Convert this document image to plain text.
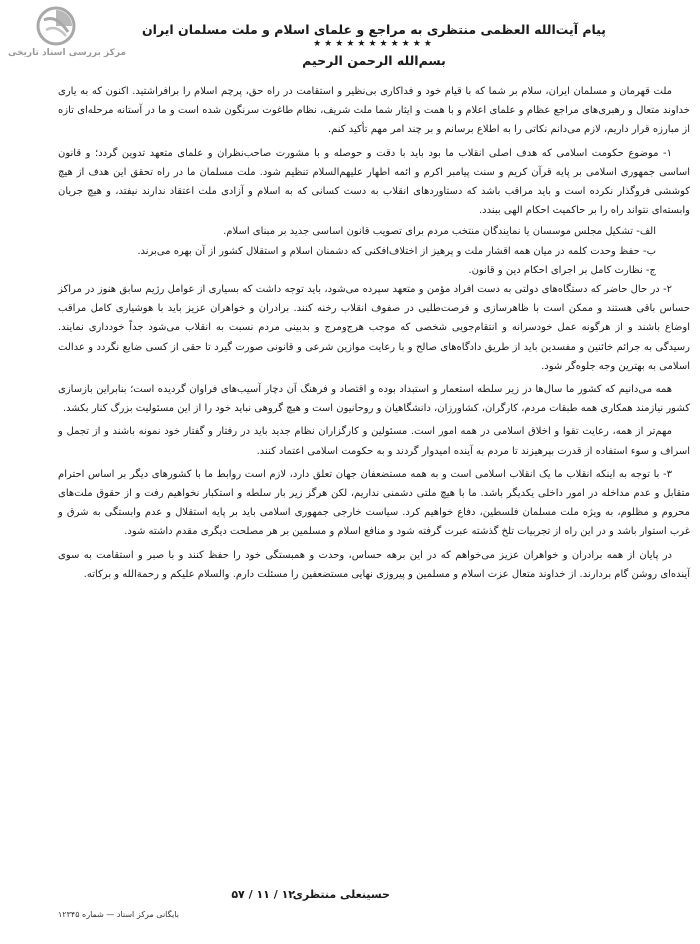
مرکز بررسی اسناد تاریخی
پیام آیت‌الله العظمی منتظری به مراجع و علمای اسلام و ملت مسلمان ایران
★★★★★★★★★★★
بسم‌الله الرحمن الرحیم

ملت قهرمان و مسلمان ایران، سلام بر شما که با قیام خود و فداکاری بی‌نظیر و استقامت در راه حق، پرچم اسلام را برافراشتید. اکنون که به یاری خداوند متعال و رهبری‌های مراجع عظام و علمای اعلام و با همت و ایثار شما ملت شریف، نظام طاغوت سرنگون شده است و ما در آستانه مرحله‌ای تازه از مبارزه قرار داریم، لازم می‌دانم نکاتی را به اطلاع برسانم و بر چند امر مهم تأکید کنم.

۱- موضوع حکومت اسلامی که هدف اصلی انقلاب ما بود باید با دقت و حوصله و با مشورت صاحب‌نظران و علمای متعهد تدوین گردد؛ و قانون اساسی جمهوری اسلامی بر پایه قرآن کریم و سنت پیامبر اکرم و ائمه اطهار علیهم‌السلام تنظیم شود. ملت مسلمان ما در راه تحقق این هدف از هیچ کوششی فروگذار نکرده است و باید مراقب باشد که دستاوردهای انقلاب به دست کسانی که به اسلام و آزادی ملت اعتقاد ندارند نیفتد، و هیچ جریان وابسته‌ای نتواند راه را بر حاکمیت احکام الهی ببندد.

الف- تشکیل مجلس موسسان یا نمایندگان منتخب مردم برای تصویب قانون اساسی جدید بر مبنای اسلام.
ب- حفظ وحدت کلمه در میان همه اقشار ملت و پرهیز از اختلاف‌افکنی که دشمنان اسلام و استقلال کشور از آن بهره می‌برند.
ج- نظارت کامل بر اجرای احکام دین و قانون.

۲- در حال حاضر که دستگاه‌های دولتی به دست افراد مؤمن و متعهد سپرده می‌شود، باید توجه داشت که بسیاری از عوامل رژیم سابق هنوز در مراکز حساس باقی هستند و ممکن است با ظاهرسازی و فرصت‌طلبی در صفوف انقلاب رخنه کنند. برادران و خواهران عزیز باید با هوشیاری کامل مراقب اوضاع باشند و از هرگونه عمل خودسرانه و انتقام‌جویی شخصی که موجب هرج‌ومرج و بدبینی مردم نسبت به انقلاب می‌شود جداً خودداری نمایند. رسیدگی به جرائم خائنین و مفسدین باید از طریق دادگاه‌های صالح و با رعایت موازین شرعی و قانونی صورت گیرد تا حقی از کسی ضایع نگردد و عدالت اسلامی به بهترین وجه جلوه‌گر شود.

همه می‌دانیم که کشور ما سال‌ها در زیر سلطه استعمار و استبداد بوده و اقتصاد و فرهنگ آن دچار آسیب‌های فراوان گردیده است؛ بنابراین بازسازی کشور نیازمند همکاری همه طبقات مردم، کارگران، کشاورزان، دانشگاهیان و روحانیون است و هیچ گروهی نباید خود را از این مسئولیت بزرگ کنار بکشد.

مهم‌تر از همه، رعایت تقوا و اخلاق اسلامی در همه امور است. مسئولین و کارگزاران نظام جدید باید در رفتار و گفتار خود نمونه باشند و از تجمل و اسراف و سوء استفاده از قدرت بپرهیزند تا مردم به آینده امیدوار گردند و به حکومت اسلامی اعتماد کنند.

۳- با توجه به اینکه انقلاب ما یک انقلاب اسلامی است و به همه مستضعفان جهان تعلق دارد، لازم است روابط ما با کشورهای دیگر بر اساس احترام متقابل و عدم مداخله در امور داخلی یکدیگر باشد. ما با هیچ ملتی دشمنی نداریم، لکن هرگز زیر بار سلطه و استکبار نخواهیم رفت و از حقوق ملت‌های محروم و مظلوم، به ویژه ملت مسلمان فلسطین، دفاع خواهیم کرد. سیاست خارجی جمهوری اسلامی باید بر پایه استقلال و عدم وابستگی به شرق و غرب استوار باشد و در این راه از تجربیات تلخ گذشته عبرت گرفته شود و منافع اسلام و مسلمین بر هر مصلحت دیگری مقدم داشته شود.

در پایان از همه برادران و خواهران عزیز می‌خواهم که در این برهه حساس، وحدت و همبستگی خود را حفظ کنند و با صبر و استقامت به سوی آینده‌ای روشن گام بردارند. از خداوند متعال عزت اسلام و مسلمین و پیروزی نهایی مستضعفین را مسئلت دارم. والسلام علیکم و رحمة‌الله و برکاته.

حسینعلی منتظری
۱۲ / ۱۱ / ۵۷
بایگانی مرکز اسناد — شماره ۱۲۳۴۵
